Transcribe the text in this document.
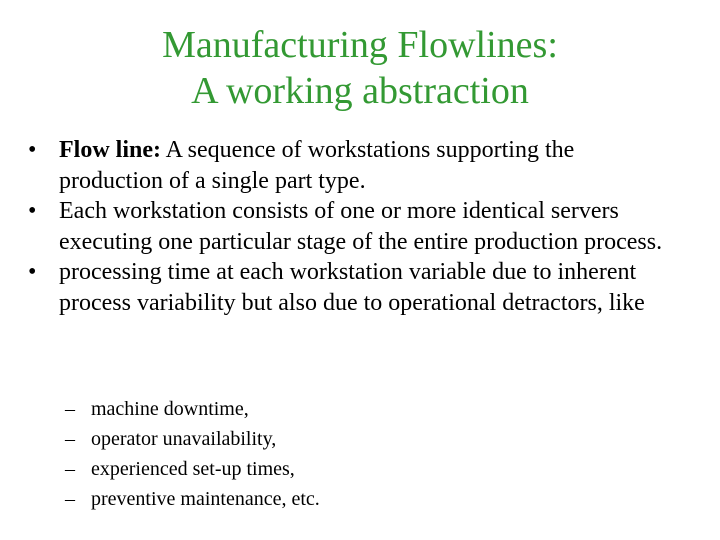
Manufacturing Flowlines:
A working abstraction
• Flow line: A sequence of workstations supporting the production of a single part type.
• Each workstation consists of one or more identical servers executing one particular stage of the entire production process.
• processing time at each workstation variable due to inherent process variability but also due to operational detractors, like
– machine downtime,
– operator unavailability,
– experienced set-up times,
– preventive maintenance, etc.
